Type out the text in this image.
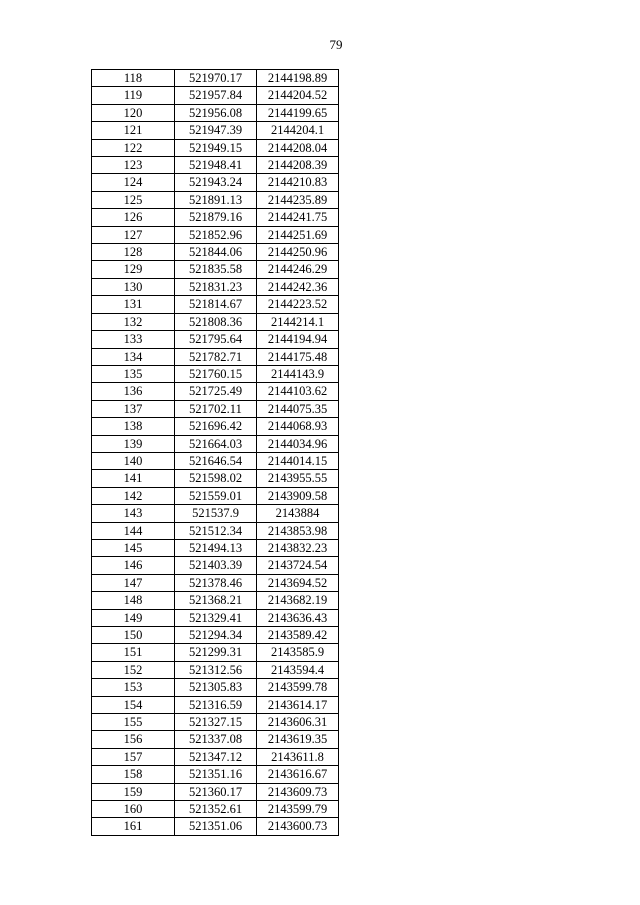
79
118	521970.17	2144198.89
119	521957.84	2144204.52
120	521956.08	2144199.65
121	521947.39	2144204.1
122	521949.15	2144208.04
123	521948.41	2144208.39
124	521943.24	2144210.83
125	521891.13	2144235.89
126	521879.16	2144241.75
127	521852.96	2144251.69
128	521844.06	2144250.96
129	521835.58	2144246.29
130	521831.23	2144242.36
131	521814.67	2144223.52
132	521808.36	2144214.1
133	521795.64	2144194.94
134	521782.71	2144175.48
135	521760.15	2144143.9
136	521725.49	2144103.62
137	521702.11	2144075.35
138	521696.42	2144068.93
139	521664.03	2144034.96
140	521646.54	2144014.15
141	521598.02	2143955.55
142	521559.01	2143909.58
143	521537.9	2143884
144	521512.34	2143853.98
145	521494.13	2143832.23
146	521403.39	2143724.54
147	521378.46	2143694.52
148	521368.21	2143682.19
149	521329.41	2143636.43
150	521294.34	2143589.42
151	521299.31	2143585.9
152	521312.56	2143594.4
153	521305.83	2143599.78
154	521316.59	2143614.17
155	521327.15	2143606.31
156	521337.08	2143619.35
157	521347.12	2143611.8
158	521351.16	2143616.67
159	521360.17	2143609.73
160	521352.61	2143599.79
161	521351.06	2143600.73
